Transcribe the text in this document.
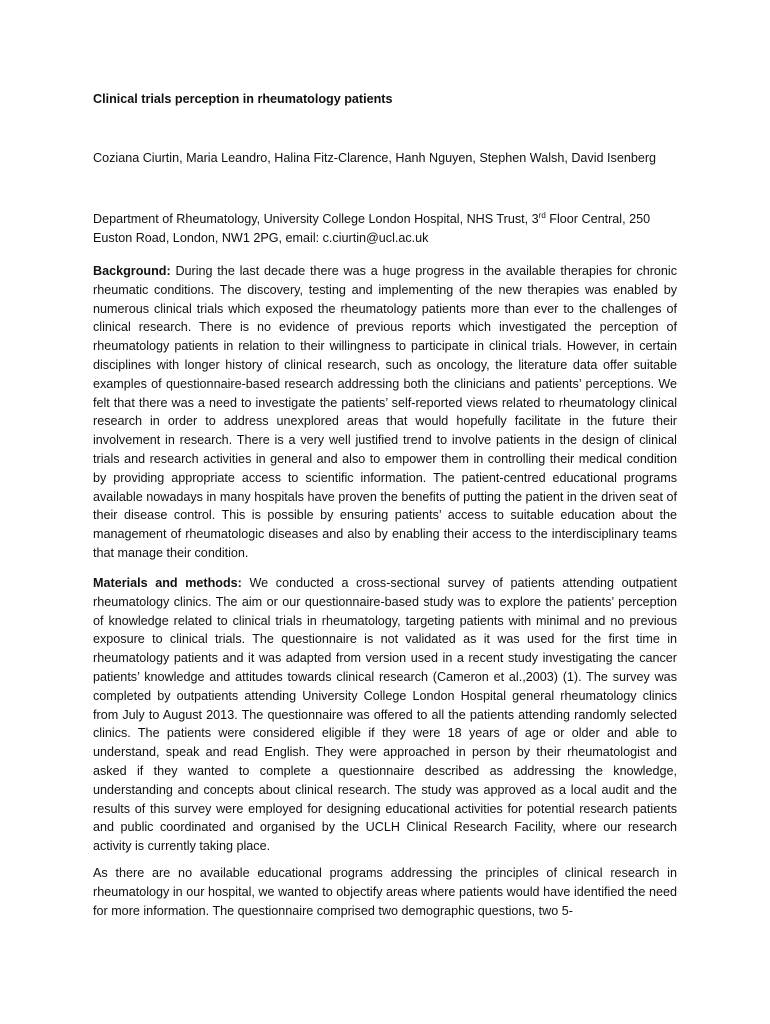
Clinical trials perception in rheumatology patients
Coziana Ciurtin, Maria Leandro, Halina Fitz-Clarence, Hanh Nguyen, Stephen Walsh, David Isenberg
Department of Rheumatology, University College London Hospital, NHS Trust, 3rd Floor Central, 250 Euston Road, London, NW1 2PG, email: c.ciurtin@ucl.ac.uk
Background: During the last decade there was a huge progress in the available therapies for chronic rheumatic conditions. The discovery, testing and implementing of the new therapies was enabled by numerous clinical trials which exposed the rheumatology patients more than ever to the challenges of clinical research. There is no evidence of previous reports which investigated the perception of rheumatology patients in relation to their willingness to participate in clinical trials. However, in certain disciplines with longer history of clinical research, such as oncology, the literature data offer suitable examples of questionnaire-based research addressing both the clinicians and patients’ perceptions. We felt that there was a need to investigate the patients’ self-reported views related to rheumatology clinical research in order to address unexplored areas that would hopefully facilitate in the future their involvement in research. There is a very well justified trend to involve patients in the design of clinical trials and research activities in general and also to empower them in controlling their medical condition by providing appropriate access to scientific information. The patient-centred educational programs available nowadays in many hospitals have proven the benefits of putting the patient in the driven seat of their disease control. This is possible by ensuring patients’ access to suitable education about the management of rheumatologic diseases and also by enabling their access to the interdisciplinary teams that manage their condition.
Materials and methods: We conducted a cross-sectional survey of patients attending outpatient rheumatology clinics. The aim or our questionnaire-based study was to explore the patients’ perception of knowledge related to clinical trials in rheumatology, targeting patients with minimal and no previous exposure to clinical trials. The questionnaire is not validated as it was used for the first time in rheumatology patients and it was adapted from version used in a recent study investigating the cancer patients’ knowledge and attitudes towards clinical research (Cameron et al.,2003) (1). The survey was completed by outpatients attending University College London Hospital general rheumatology clinics from July to August 2013. The questionnaire was offered to all the patients attending randomly selected clinics. The patients were considered eligible if they were 18 years of age or older and able to understand, speak and read English. They were approached in person by their rheumatologist and asked if they wanted to complete a questionnaire described as addressing the knowledge, understanding and concepts about clinical research. The study was approved as a local audit and the results of this survey were employed for designing educational activities for potential research patients and public coordinated and organised by the UCLH Clinical Research Facility, where our research activity is currently taking place.
As there are no available educational programs addressing the principles of clinical research in rheumatology in our hospital, we wanted to objectify areas where patients would have identified the need for more information. The questionnaire comprised two demographic questions, two 5-
